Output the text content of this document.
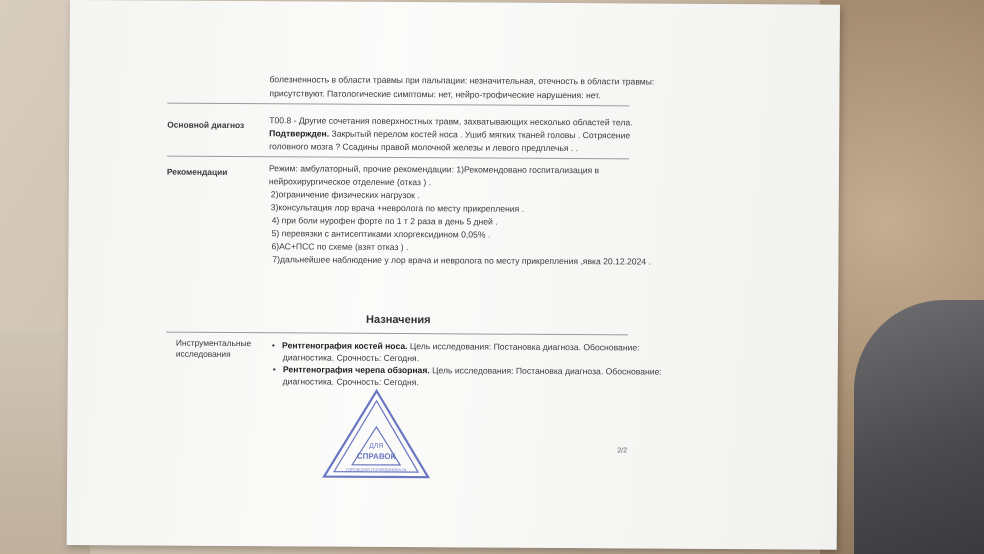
болезненность в области травмы при пальпации: незначительная, отечность в области травмы:
присутствуют. Патологические симптомы: нет, нейро-трофические нарушения: нет.
Основной диагноз	T00.8 - Другие сочетания поверхностных травм, захватывающих несколько областей тела.
Подтвержден. Закрытый перелом костей носа . Ушиб мягких тканей головы . Сотрясение
головного мозга ? Ссадины правой молочной железы и левого предплечья . .
Рекомендации	Режим: амбулаторный, прочие рекомендации: 1)Рекомендовано госпитализация в
нейрохирургическое отделение (отказ ) .
2)ограничение физических нагрузок .
3)консультация лор врача +невролога по месту прикрепления .
4) при боли нурофен форте по 1 т 2 раза в день 5 дней .
5) перевязки с антисептиками хлоргексидином 0,05% .
6)АС+ПСС по схеме (взят отказ ) .
7)дальнейшее наблюдение у лор врача и невролога по месту прикрепления ,явка 20.12.2024 .
Назначения
Инструментальные
исследования
•   Рентгенография костей носа. Цель исследования: Постановка диагноза. Обоснование:
диагностика. Срочность: Сегодня.
•   Рентгенография черепа обзорная. Цель исследования: Постановка диагноза. Обоснование:
диагностика. Срочность: Сегодня.
ДЛЯ
СПРАВОК
ГОРОДСКАЯ ПОЛИКЛИНИКА №
2/2
